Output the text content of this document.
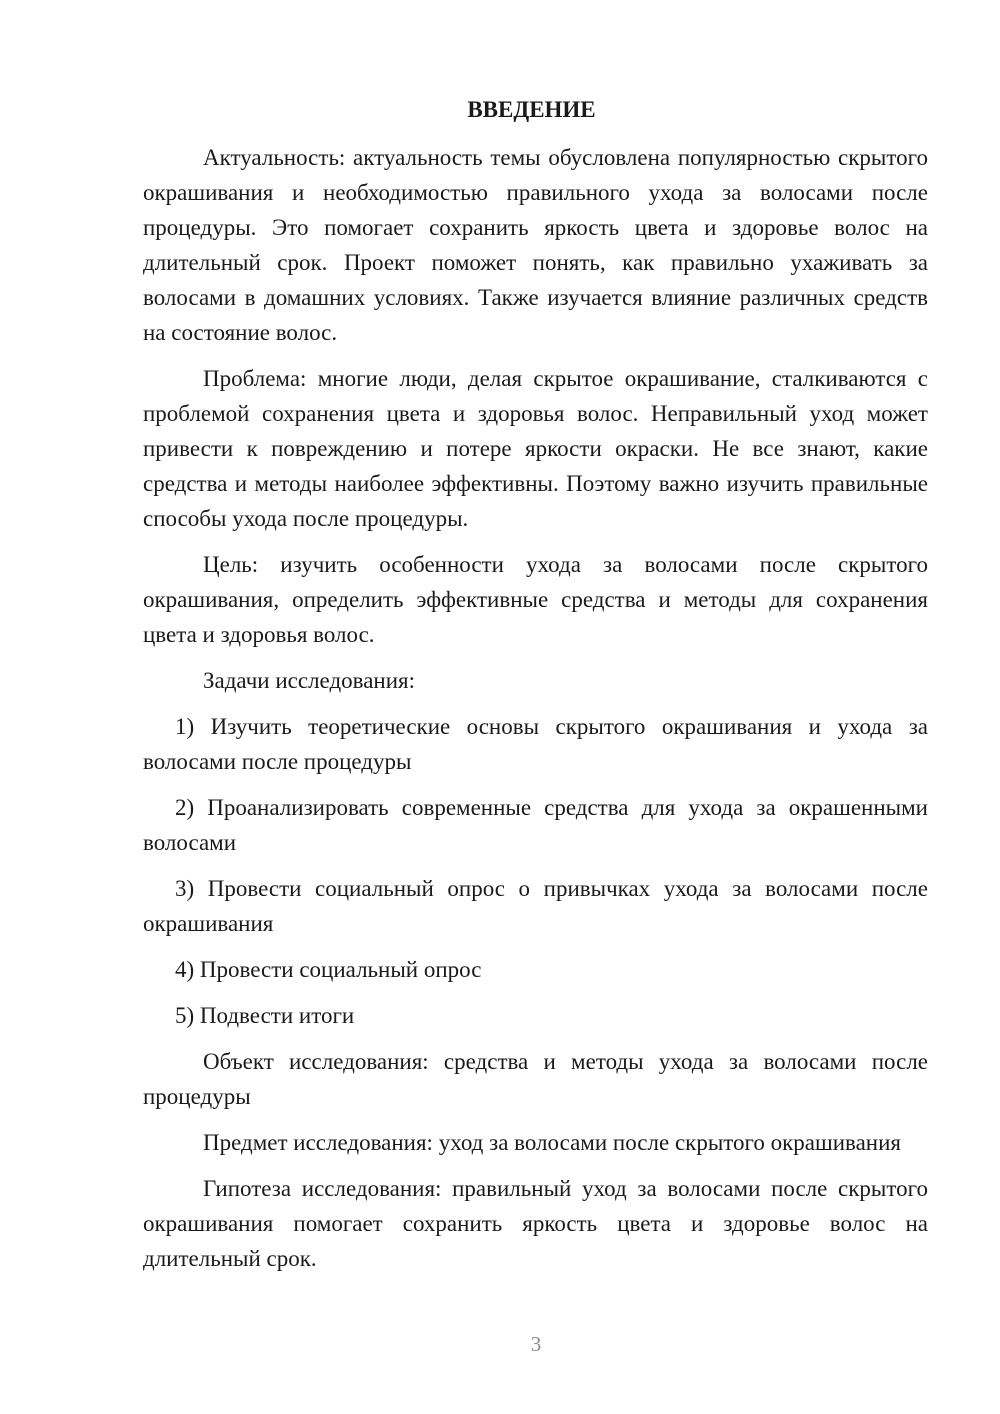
ВВЕДЕНИЕ

Актуальность: актуальность темы обусловлена популярностью скрытого окрашивания и необходимостью правильного ухода за волосами после процедуры. Это помогает сохранить яркость цвета и здоровье волос на длительный срок. Проект поможет понять, как правильно ухаживать за волосами в домашних условиях. Также изучается влияние различных средств на состояние волос.

Проблема: многие люди, делая скрытое окрашивание, сталкиваются с проблемой сохранения цвета и здоровья волос. Неправильный уход может привести к повреждению и потере яркости окраски. Не все знают, какие средства и методы наиболее эффективны. Поэтому важно изучить правильные способы ухода после процедуры.

Цель: изучить особенности ухода за волосами после скрытого окрашивания, определить эффективные средства и методы для сохранения цвета и здоровья волос.

Задачи исследования:

1) Изучить теоретические основы скрытого окрашивания и ухода за волосами после процедуры

2) Проанализировать современные средства для ухода за окрашенными волосами

3) Провести социальный опрос о привычках ухода за волосами после окрашивания

4) Провести социальный опрос

5) Подвести итоги

Объект исследования: средства и методы ухода за волосами после процедуры

Предмет исследования: уход за волосами после скрытого окрашивания

Гипотеза исследования: правильный уход за волосами после скрытого окрашивания помогает сохранить яркость цвета и здоровье волос на длительный срок.

3
